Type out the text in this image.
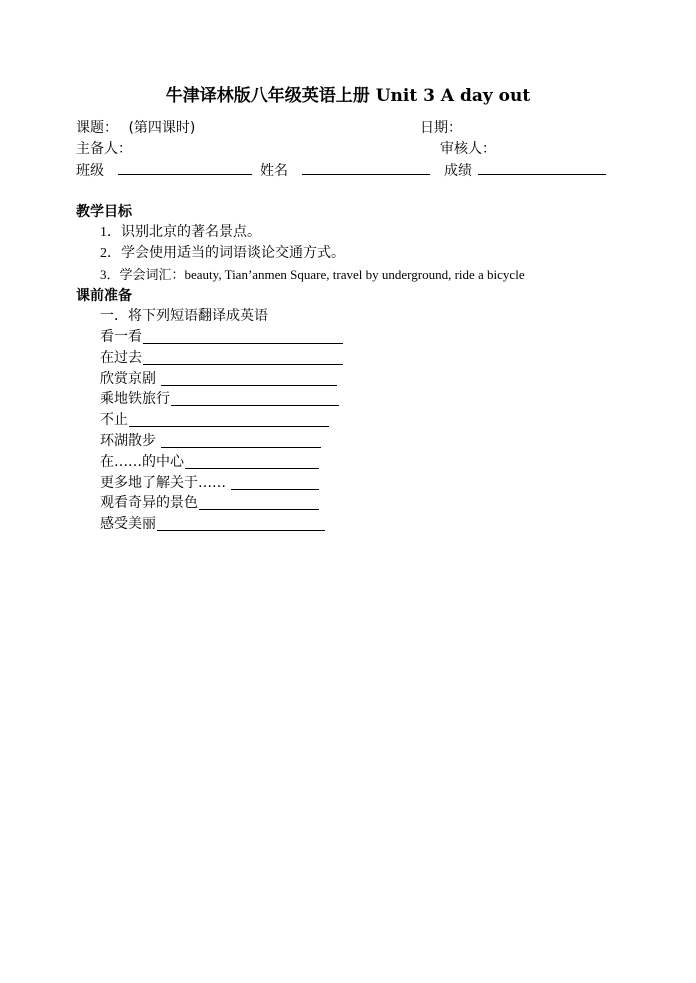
牛津译林版八年级英语上册 Unit 3 A day out
课题： (第四课时)	日期：
主备人：	审核人：
班级	姓名	成绩
教学目标
1．识别北京的著名景点。
2．学会使用适当的词语谈论交通方式。
3．学会词汇：beauty, Tian’anmen Square, travel by underground, ride a bicycle
课前准备
一．将下列短语翻译成英语
看一看
在过去
欣赏京剧
乘地铁旅行
不止
环湖散步
在……的中心
更多地了解关于……
观看奇异的景色
感受美丽
